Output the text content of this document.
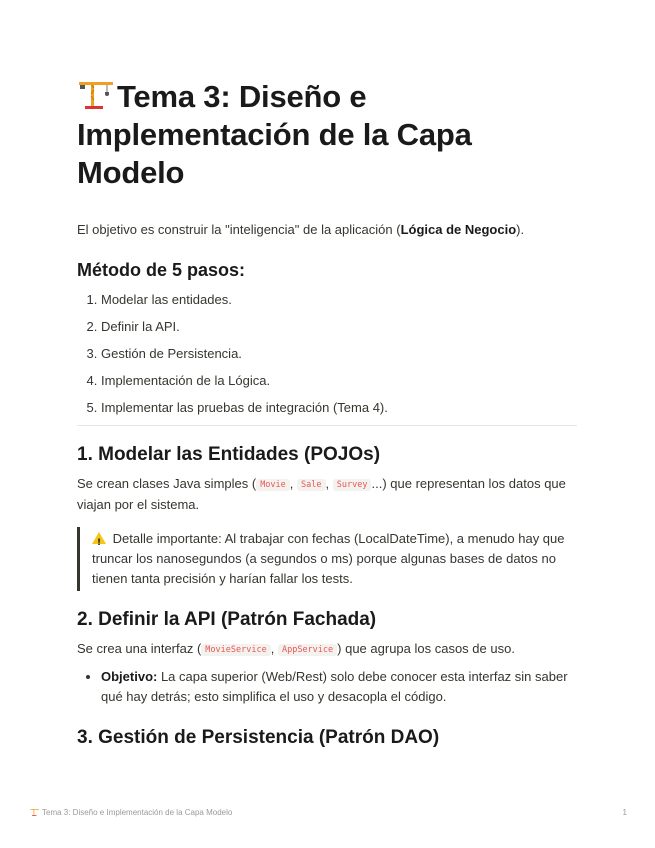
Tema 3: Diseño e Implementación de la Capa Modelo

El objetivo es construir la "inteligencia" de la aplicación (Lógica de Negocio).

Método de 5 pasos:
1. Modelar las entidades.
2. Definir la API.
3. Gestión de Persistencia.
4. Implementación de la Lógica.
5. Implementar las pruebas de integración (Tema 4).
1. Modelar las Entidades (POJOs)

Se crean clases Java simples ( Movie , Sale , Survey ...) que representan los datos que viajan por el sistema.

! Detalle importante: Al trabajar con fechas (LocalDateTime), a menudo hay que truncar los nanosegundos (a segundos o ms) porque algunas bases de datos no tienen tanta precisión y harían fallar los tests.
2. Definir la API (Patrón Fachada)

Se crea una interfaz ( MovieService , AppService ) que agrupa los casos de uso.

• Objetivo: La capa superior (Web/Rest) solo debe conocer esta interfaz sin saber qué hay detrás; esto simplifica el uso y desacopla el código.
3. Gestión de Persistencia (Patrón DAO)
Tema 3: Diseño e Implementación de la Capa Modelo	1
